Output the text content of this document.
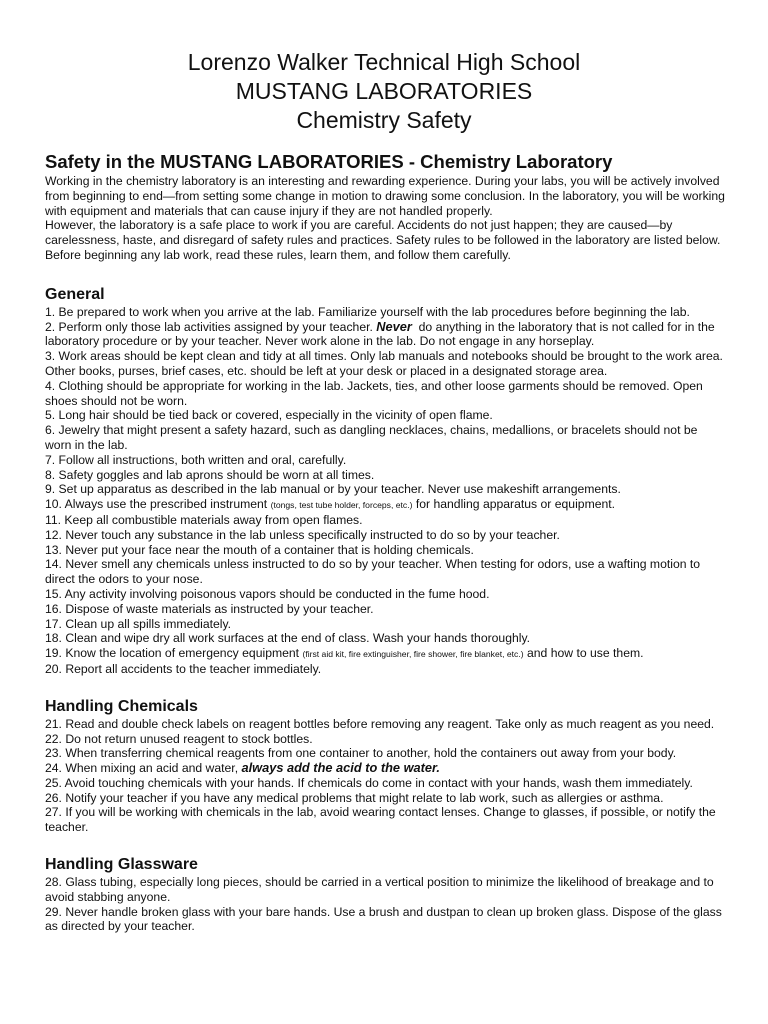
Lorenzo Walker Technical High School
MUSTANG LABORATORIES
Chemistry Safety
Safety in the MUSTANG LABORATORIES - Chemistry Laboratory

Working in the chemistry laboratory is an interesting and rewarding experience. During your labs, you will be actively involved from beginning to end—from setting some change in motion to drawing some conclusion. In the laboratory, you will be working with equipment and materials that can cause injury if they are not handled properly.

However, the laboratory is a safe place to work if you are careful. Accidents do not just happen; they are caused—by carelessness, haste, and disregard of safety rules and practices. Safety rules to be followed in the laboratory are listed below. Before beginning any lab work, read these rules, learn them, and follow them carefully.

General

1. Be prepared to work when you arrive at the lab. Familiarize yourself with the lab procedures before beginning the lab.

2. Perform only those lab activities assigned by your teacher. Never do anything in the laboratory that is not called for in the laboratory procedure or by your teacher. Never work alone in the lab. Do not engage in any horseplay.

3. Work areas should be kept clean and tidy at all times. Only lab manuals and notebooks should be brought to the work area. Other books, purses, brief cases, etc. should be left at your desk or placed in a designated storage area.

4. Clothing should be appropriate for working in the lab. Jackets, ties, and other loose garments should be removed. Open shoes should not be worn.

5. Long hair should be tied back or covered, especially in the vicinity of open flame.

6. Jewelry that might present a safety hazard, such as dangling necklaces, chains, medallions, or bracelets should not be worn in the lab.

7. Follow all instructions, both written and oral, carefully.

8. Safety goggles and lab aprons should be worn at all times.

9. Set up apparatus as described in the lab manual or by your teacher. Never use makeshift arrangements.

10. Always use the prescribed instrument (tongs, test tube holder, forceps, etc.) for handling apparatus or equipment.

11. Keep all combustible materials away from open flames.

12. Never touch any substance in the lab unless specifically instructed to do so by your teacher.

13. Never put your face near the mouth of a container that is holding chemicals.

14. Never smell any chemicals unless instructed to do so by your teacher. When testing for odors, use a wafting motion to direct the odors to your nose.

15. Any activity involving poisonous vapors should be conducted in the fume hood.

16. Dispose of waste materials as instructed by your teacher.

17. Clean up all spills immediately.

18. Clean and wipe dry all work surfaces at the end of class. Wash your hands thoroughly.

19. Know the location of emergency equipment (first aid kit, fire extinguisher, fire shower, fire blanket, etc.) and how to use them.

20. Report all accidents to the teacher immediately.

Handling Chemicals

21. Read and double check labels on reagent bottles before removing any reagent. Take only as much reagent as you need.

22. Do not return unused reagent to stock bottles.

23. When transferring chemical reagents from one container to another, hold the containers out away from your body.

24. When mixing an acid and water, always add the acid to the water.

25. Avoid touching chemicals with your hands. If chemicals do come in contact with your hands, wash them immediately.

26. Notify your teacher if you have any medical problems that might relate to lab work, such as allergies or asthma.

27. If you will be working with chemicals in the lab, avoid wearing contact lenses. Change to glasses, if possible, or notify the teacher.

Handling Glassware

28. Glass tubing, especially long pieces, should be carried in a vertical position to minimize the likelihood of breakage and to avoid stabbing anyone.

29. Never handle broken glass with your bare hands. Use a brush and dustpan to clean up broken glass. Dispose of the glass as directed by your teacher.
